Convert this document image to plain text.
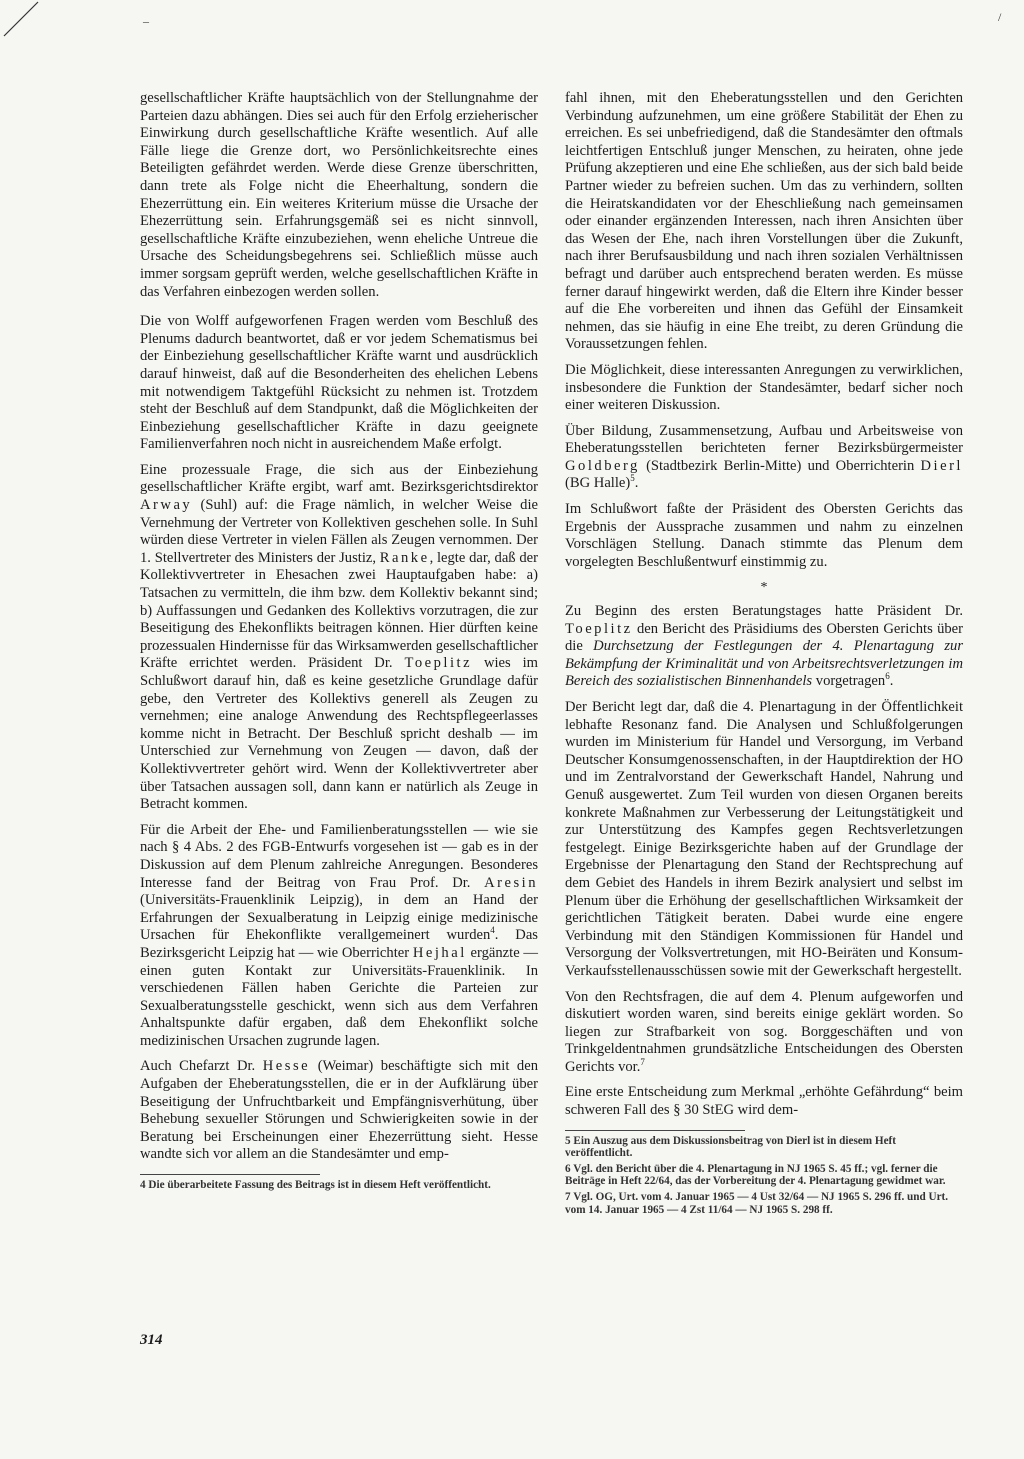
–	/

gesellschaftlicher Kräfte hauptsächlich von der Stellungnahme der Parteien dazu abhängen. Dies sei auch für den Erfolg erzieherischer Einwirkung durch gesellschaftliche Kräfte wesentlich. Auf alle Fälle liege die Grenze dort, wo Persönlichkeitsrechte eines Beteiligten gefährdet werden. Werde diese Grenze überschritten, dann trete als Folge nicht die Eheerhaltung, sondern die Ehezerrüttung ein. Ein weiteres Kriterium müsse die Ursache der Ehezerrüttung sein. Erfahrungsgemäß sei es nicht sinnvoll, gesellschaftliche Kräfte einzubeziehen, wenn eheliche Untreue die Ursache des Scheidungsbegehrens sei. Schließlich müsse auch immer sorgsam geprüft werden, welche gesellschaftlichen Kräfte in das Verfahren einbezogen werden sollen.

Die von Wolff aufgeworfenen Fragen werden vom Beschluß des Plenums dadurch beantwortet, daß er vor jedem Schematismus bei der Einbeziehung gesellschaftlicher Kräfte warnt und ausdrücklich darauf hinweist, daß auf die Besonderheiten des ehelichen Lebens mit notwendigem Taktgefühl Rücksicht zu nehmen ist. Trotzdem steht der Beschluß auf dem Standpunkt, daß die Möglichkeiten der Einbeziehung gesellschaftlicher Kräfte in dazu geeignete Familienverfahren noch nicht in ausreichendem Maße erfolgt.

Eine prozessuale Frage, die sich aus der Einbeziehung gesellschaftlicher Kräfte ergibt, warf amt. Bezirksgerichtsdirektor Arway (Suhl) auf: die Frage nämlich, in welcher Weise die Vernehmung der Vertreter von Kollektiven geschehen solle. In Suhl würden diese Vertreter in vielen Fällen als Zeugen vernommen. Der 1. Stellvertreter des Ministers der Justiz, Ranke, legte dar, daß der Kollektivvertreter in Ehesachen zwei Hauptaufgaben habe: a) Tatsachen zu vermitteln, die ihm bzw. dem Kollektiv bekannt sind; b) Auffassungen und Gedanken des Kollektivs vorzutragen, die zur Beseitigung des Ehekonflikts beitragen können. Hier dürften keine prozessualen Hindernisse für das Wirksamwerden gesellschaftlicher Kräfte errichtet werden. Präsident Dr. Toeplitz wies im Schlußwort darauf hin, daß es keine gesetzliche Grundlage dafür gebe, den Vertreter des Kollektivs generell als Zeugen zu vernehmen; eine analoge Anwendung des Rechtspflegeerlasses komme nicht in Betracht. Der Beschluß spricht deshalb — im Unterschied zur Vernehmung von Zeugen — davon, daß der Kollektivvertreter gehört wird. Wenn der Kollektivvertreter aber über Tatsachen aussagen soll, dann kann er natürlich als Zeuge in Betracht kommen.

Für die Arbeit der Ehe- und Familienberatungsstellen — wie sie nach § 4 Abs. 2 des FGB-Entwurfs vorgesehen ist — gab es in der Diskussion auf dem Plenum zahlreiche Anregungen. Besonderes Interesse fand der Beitrag von Frau Prof. Dr. Aresin (Universitäts-Frauenklinik Leipzig), in dem an Hand der Erfahrungen der Sexualberatung in Leipzig einige medizinische Ursachen für Ehekonflikte verallgemeinert wurden$^4$. Das Bezirksgericht Leipzig hat — wie Oberrichter Hejhal ergänzte — einen guten Kontakt zur Universitäts-Frauenklinik. In verschiedenen Fällen haben Gerichte die Parteien zur Sexualberatungsstelle geschickt, wenn sich aus dem Verfahren Anhaltspunkte dafür ergaben, daß dem Ehekonflikt solche medizinischen Ursachen zugrunde lagen.

Auch Chefarzt Dr. Hesse (Weimar) beschäftigte sich mit den Aufgaben der Eheberatungsstellen, die er in der Aufklärung über Beseitigung der Unfruchtbarkeit und Empfängnisverhütung, über Behebung sexueller Störungen und Schwierigkeiten sowie in der Beratung bei Erscheinungen einer Ehezerrüttung sieht. Hesse wandte sich vor allem an die Standesämter und emp-

4 Die überarbeitete Fassung des Beitrags ist in diesem Heft veröffentlicht.

fahl ihnen, mit den Eheberatungsstellen und den Gerichten Verbindung aufzunehmen, um eine größere Stabilität der Ehen zu erreichen. Es sei unbefriedigend, daß die Standesämter den oftmals leichtfertigen Entschluß junger Menschen, zu heiraten, ohne jede Prüfung akzeptieren und eine Ehe schließen, aus der sich bald beide Partner wieder zu befreien suchen. Um das zu verhindern, sollten die Heiratskandidaten vor der Eheschließung nach gemeinsamen oder einander ergänzenden Interessen, nach ihren Ansichten über das Wesen der Ehe, nach ihren Vorstellungen über die Zukunft, nach ihrer Berufsausbildung und nach ihren sozialen Verhältnissen befragt und darüber auch entsprechend beraten werden. Es müsse ferner darauf hingewirkt werden, daß die Eltern ihre Kinder besser auf die Ehe vorbereiten und ihnen das Gefühl der Einsamkeit nehmen, das sie häufig in eine Ehe treibt, zu deren Gründung die Voraussetzungen fehlen.

Die Möglichkeit, diese interessanten Anregungen zu verwirklichen, insbesondere die Funktion der Standesämter, bedarf sicher noch einer weiteren Diskussion.

Über Bildung, Zusammensetzung, Aufbau und Arbeitsweise von Eheberatungsstellen berichteten ferner Bezirksbürgermeister Goldberg (Stadtbezirk Berlin-Mitte) und Oberrichterin Dierl (BG Halle)$^5$.

Im Schlußwort faßte der Präsident des Obersten Gerichts das Ergebnis der Aussprache zusammen und nahm zu einzelnen Vorschlägen Stellung. Danach stimmte das Plenum dem vorgelegten Beschlußentwurf einstimmig zu.

*

Zu Beginn des ersten Beratungstages hatte Präsident Dr. Toeplitz den Bericht des Präsidiums des Obersten Gerichts über die Durchsetzung der Festlegungen der 4. Plenartagung zur Bekämpfung der Kriminalität und von Arbeitsrechtsverletzungen im Bereich des sozialistischen Binnenhandels vorgetragen$^6$.

Der Bericht legt dar, daß die 4. Plenartagung in der Öffentlichkeit lebhafte Resonanz fand. Die Analysen und Schlußfolgerungen wurden im Ministerium für Handel und Versorgung, im Verband Deutscher Konsumgenossenschaften, in der Hauptdirektion der HO und im Zentralvorstand der Gewerkschaft Handel, Nahrung und Genuß ausgewertet. Zum Teil wurden von diesen Organen bereits konkrete Maßnahmen zur Verbesserung der Leitungstätigkeit und zur Unterstützung des Kampfes gegen Rechtsverletzungen festgelegt. Einige Bezirksgerichte haben auf der Grundlage der Ergebnisse der Plenartagung den Stand der Rechtsprechung auf dem Gebiet des Handels in ihrem Bezirk analysiert und selbst im Plenum über die Erhöhung der gesellschaftlichen Wirksamkeit der gerichtlichen Tätigkeit beraten. Dabei wurde eine engere Verbindung mit den Ständigen Kommissionen für Handel und Versorgung der Volksvertretungen, mit HO-Beiräten und Konsum-Verkaufsstellenausschüssen sowie mit der Gewerkschaft hergestellt.

Von den Rechtsfragen, die auf dem 4. Plenum aufgeworfen und diskutiert worden waren, sind bereits einige geklärt worden. So liegen zur Strafbarkeit von sog. Borggeschäften und von Trinkgeldentnahmen grundsätzliche Entscheidungen des Obersten Gerichts vor.$^7$

Eine erste Entscheidung zum Merkmal „erhöhte Gefährdung“ beim schweren Fall des § 30 StEG wird dem-

5 Ein Auszug aus dem Diskussionsbeitrag von Dierl ist in diesem Heft veröffentlicht.

6 Vgl. den Bericht über die 4. Plenartagung in NJ 1965 S. 45 ff.; vgl. ferner die Beiträge in Heft 22/64, das der Vorbereitung der 4. Plenartagung gewidmet war.

7 Vgl. OG, Urt. vom 4. Januar 1965 — 4 Ust 32/64 — NJ 1965 S. 296 ff. und Urt. vom 14. Januar 1965 — 4 Zst 11/64 — NJ 1965 S. 298 ff.

314
